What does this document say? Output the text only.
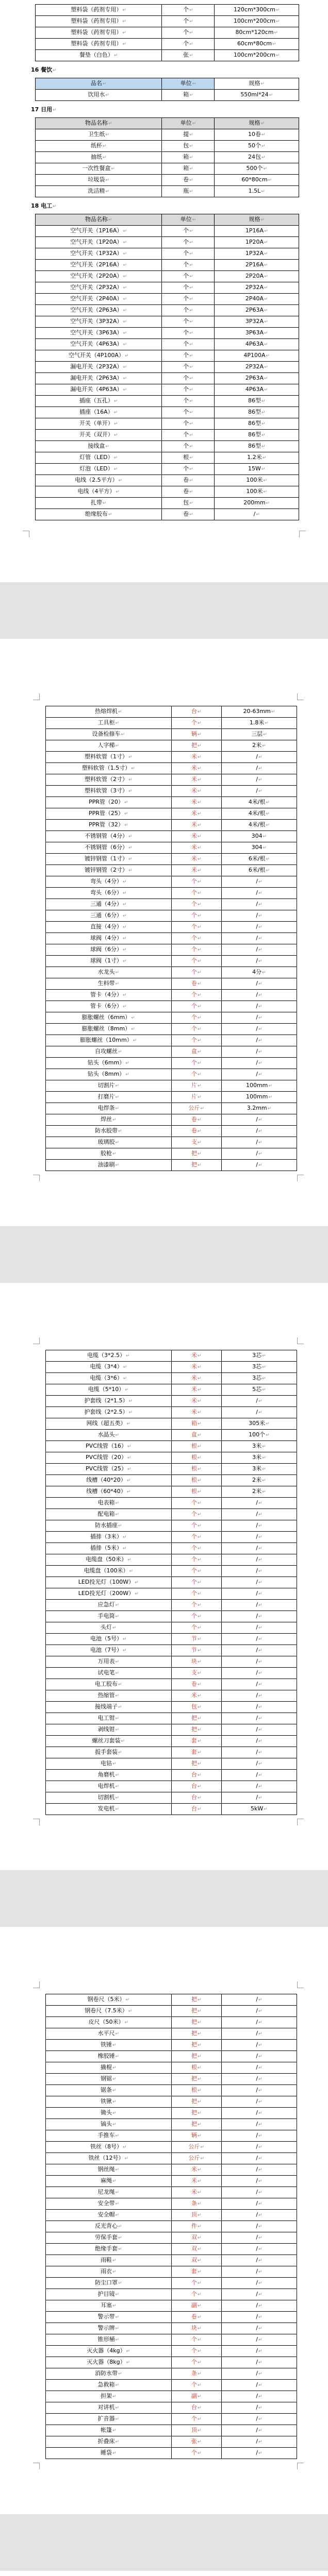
塑料袋（药剂专用） ↵	个 ↵	120cm*300cm ↵
塑料袋（药剂专用） ↵	个 ↵	100cm*200cm ↵
塑料袋（药剂专用） ↵	个 ↵	80cm*120cm ↵
塑料袋（药剂专用） ↵	个 ↵	60cm*80cm ↵
餐垫（白色） ↵	张 ↵	100cm*200cm ↵
16 餐饮 ↵
品名 ↵	单位 ↵	规格 ↵
饮用水 ↵	箱 ↵	550ml*24 ↵
17 日用 ↵
物品名称 ↵	单位 ↵	规格 ↵
卫生纸 ↵	提 ↵	10卷 ↵
纸杯 ↵	包 ↵	50个 ↵
抽纸 ↵	箱 ↵	24包 ↵
一次性餐盒 ↵	箱 ↵	500个 ↵
垃圾袋 ↵	卷 ↵	60*80cm ↵
洗洁精 ↵	瓶 ↵	1.5L ↵
18 电工 ↵
物品名称 ↵	单位 ↵	规格 ↵
空气开关（1P16A） ↵	个 ↵	1P16A ↵
空气开关（1P20A） ↵	个 ↵	1P20A ↵
空气开关（1P32A） ↵	个 ↵	1P32A ↵
空气开关（2P16A） ↵	个 ↵	2P16A ↵
空气开关（2P20A） ↵	个 ↵	2P20A ↵
空气开关（2P32A） ↵	个 ↵	2P32A ↵
空气开关（2P40A） ↵	个 ↵	2P40A ↵
空气开关（2P63A） ↵	个 ↵	2P63A ↵
空气开关（3P32A） ↵	个 ↵	3P32A ↵
空气开关（3P63A） ↵	个 ↵	3P63A ↵
空气开关（4P63A） ↵	个 ↵	4P63A ↵
空气开关（4P100A） ↵	个 ↵	4P100A ↵
漏电开关（2P32A） ↵	个 ↵	2P32A ↵
漏电开关（2P63A） ↵	个 ↵	2P63A ↵
漏电开关（4P63A） ↵	个 ↵	4P63A ↵
插座（五孔） ↵	个 ↵	86型 ↵
插座（16A） ↵	个 ↵	86型 ↵
开关（单开） ↵	个 ↵	86型 ↵
开关（双开） ↵	个 ↵	86型 ↵
接线盒 ↵	个 ↵	86型 ↵
灯管（LED） ↵	根 ↵	1.2米 ↵
灯泡（LED） ↵	个 ↵	15W ↵
电线（2.5平方） ↵	卷 ↵	100米 ↵
电线（4平方） ↵	卷 ↵	100米 ↵
扎带 ↵	包 ↵	200mm ↵
绝缘胶布 ↵	卷 ↵	/ ↵
热熔焊机 ↵	台 ↵	20-63mm ↵
工具柜 ↵	个 ↵	1.8米 ↵
设备检修车 ↵	辆 ↵	三层 ↵
人字梯 ↵	把 ↵	2米 ↵
塑料软管（1寸） ↵	米 ↵	/ ↵
塑料软管（1.5寸） ↵	米 ↵	/ ↵
塑料软管（2寸） ↵	米 ↵	/ ↵
塑料软管（3寸） ↵	米 ↵	/ ↵
PPR管（20） ↵	米 ↵	4米/根 ↵
PPR管（25） ↵	米 ↵	4米/根 ↵
PPR管（32） ↵	米 ↵	4米/根 ↵
不锈钢管（4分） ↵	米 ↵	304 ↵
不锈钢管（6分） ↵	米 ↵	304 ↵
镀锌钢管（1寸） ↵	米 ↵	6米/根 ↵
镀锌钢管（2寸） ↵	米 ↵	6米/根 ↵
弯头（4分） ↵	个 ↵	/ ↵
弯头（6分） ↵	个 ↵	/ ↵
三通（4分） ↵	个 ↵	/ ↵
三通（6分） ↵	个 ↵	/ ↵
直接（4分） ↵	个 ↵	/ ↵
球阀（4分） ↵	个 ↵	/ ↵
球阀（6分） ↵	个 ↵	/ ↵
球阀（1寸） ↵	个 ↵	/ ↵
水龙头 ↵	个 ↵	4分 ↵
生料带 ↵	卷 ↵	/ ↵
管卡（4分） ↵	个 ↵	/ ↵
管卡（6分） ↵	个 ↵	/ ↵
膨胀螺丝（6mm） ↵	个 ↵	/ ↵
膨胀螺丝（8mm） ↵	个 ↵	/ ↵
膨胀螺丝（10mm） ↵	个 ↵	/ ↵
自攻螺丝 ↵	盒 ↵	/ ↵
钻头（6mm） ↵	个 ↵	/ ↵
钻头（8mm） ↵	个 ↵	/ ↵
切割片 ↵	片 ↵	100mm ↵
打磨片 ↵	片 ↵	100mm ↵
电焊条 ↵	公斤 ↵	3.2mm ↵
焊丝 ↵	卷 ↵	/ ↵
防水胶带 ↵	卷 ↵	/ ↵
玻璃胶 ↵	支 ↵	/ ↵
胶枪 ↵	把 ↵	/ ↵
油漆刷 ↵	把 ↵	/ ↵
电缆（3*2.5） ↵	米 ↵	3芯 ↵
电缆（3*4） ↵	米 ↵	3芯 ↵
电缆（3*6） ↵	米 ↵	3芯 ↵
电缆（5*10） ↵	米 ↵	5芯 ↵
护套线（2*1.5） ↵	米 ↵	/ ↵
护套线（2*2.5） ↵	米 ↵	/ ↵
网线（超五类） ↵	箱 ↵	305米 ↵
水晶头 ↵	盒 ↵	100个 ↵
PVC线管（16） ↵	根 ↵	3米 ↵
PVC线管（20） ↵	根 ↵	3米 ↵
PVC线管（25） ↵	根 ↵	3米 ↵
线槽（40*20） ↵	根 ↵	2米 ↵
线槽（60*40） ↵	根 ↵	2米 ↵
电表箱 ↵	个 ↵	/ ↵
配电箱 ↵	个 ↵	/ ↵
防水插座 ↵	个 ↵	/ ↵
插排（3米） ↵	个 ↵	/ ↵
插排（5米） ↵	个 ↵	/ ↵
电缆盘（50米） ↵	个 ↵	/ ↵
电缆盘（100米） ↵	个 ↵	/ ↵
LED投光灯（100W） ↵	个 ↵	/ ↵
LED投光灯（200W） ↵	个 ↵	/ ↵
应急灯 ↵	个 ↵	/ ↵
手电筒 ↵	个 ↵	/ ↵
头灯 ↵	个 ↵	/ ↵
电池（5号） ↵	节 ↵	/ ↵
电池（7号） ↵	节 ↵	/ ↵
万用表 ↵	块 ↵	/ ↵
试电笔 ↵	支 ↵	/ ↵
电工胶布 ↵	卷 ↵	/ ↵
热缩管 ↵	米 ↵	/ ↵
接线端子 ↵	包 ↵	/ ↵
电工钳 ↵	把 ↵	/ ↵
剥线钳 ↵	把 ↵	/ ↵
螺丝刀套装 ↵	套 ↵	/ ↵
扳手套装 ↵	套 ↵	/ ↵
电钻 ↵	把 ↵	/ ↵
角磨机 ↵	台 ↵	/ ↵
电焊机 ↵	台 ↵	/ ↵
切割机 ↵	台 ↵	/ ↵
发电机 ↵	台 ↵	5kW ↵
钢卷尺（5米） ↵	把 ↵	/ ↵
钢卷尺（7.5米） ↵	把 ↵	/ ↵
皮尺（50米） ↵	把 ↵	/ ↵
水平尺 ↵	把 ↵	/ ↵
铁锤 ↵	把 ↵	/ ↵
橡胶锤 ↵	把 ↵	/ ↵
撬棍 ↵	根 ↵	/ ↵
钢锯 ↵	把 ↵	/ ↵
锯条 ↵	根 ↵	/ ↵
铁锹 ↵	把 ↵	/ ↵
锄头 ↵	把 ↵	/ ↵
镐头 ↵	把 ↵	/ ↵
手推车 ↵	辆 ↵	/ ↵
铁丝（8号） ↵	公斤 ↵	/ ↵
铁丝（12号） ↵	公斤 ↵	/ ↵
钢丝绳 ↵	米 ↵	/ ↵
麻绳 ↵	米 ↵	/ ↵
尼龙绳 ↵	米 ↵	/ ↵
安全带 ↵	条 ↵	/ ↵
安全帽 ↵	顶 ↵	/ ↵
反光背心 ↵	件 ↵	/ ↵
劳保手套 ↵	双 ↵	/ ↵
绝缘手套 ↵	双 ↵	/ ↵
雨鞋 ↵	双 ↵	/ ↵
雨衣 ↵	套 ↵	/ ↵
防尘口罩 ↵	个 ↵	/ ↵
护目镜 ↵	个 ↵	/ ↵
耳塞 ↵	副 ↵	/ ↵
警示带 ↵	卷 ↵	/ ↵
警示牌 ↵	块 ↵	/ ↵
锥形桶 ↵	个 ↵	/ ↵
灭火器（4kg） ↵	个 ↵	/ ↵
灭火器（8kg） ↵	个 ↵	/ ↵
消防水带 ↵	条 ↵	/ ↵
急救箱 ↵	个 ↵	/ ↵
担架 ↵	副 ↵	/ ↵
对讲机 ↵	台 ↵	/ ↵
扩音器 ↵	个 ↵	/ ↵
帐篷 ↵	顶 ↵	/ ↵
折叠床 ↵	张 ↵	/ ↵
睡袋 ↵	个 ↵	/ ↵
